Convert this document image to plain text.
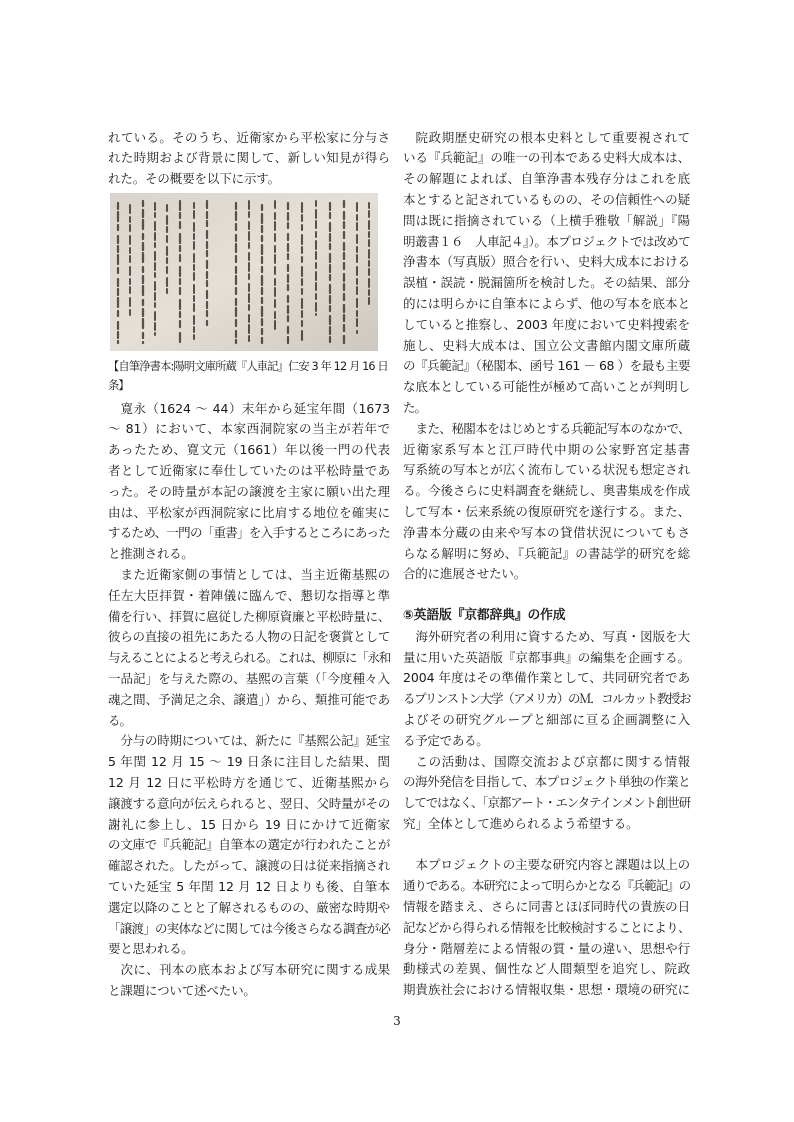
れている。そのうち、近衛家から平松家に分与さ
れた時期および背景に関して、新しい知見が得ら
れた。その概要を以下に示す。
【自筆浄書本:陽明文庫所蔵『人車記』仁安 3 年 12 月 16 日
条】
寛永（1624 ～ 44）末年から延宝年間（1673
～ 81）において、本家西洞院家の当主が若年で
あったため、寛文元（1661）年以後一門の代表
者として近衛家に奉仕していたのは平松時量であ
った。その時量が本記の譲渡を主家に願い出た理
由は、平松家が西洞院家に比肩する地位を確実に
するため、一門の「重書」を入手するところにあった
と推測される。
また近衛家側の事情としては、当主近衛基熙の
任左大臣拝賀・着陣儀に臨んで、懇切な指導と準
備を行い、拝賀に扈従した柳原資廉と平松時量に、
彼らの直接の祖先にあたる人物の日記を褒賞として
与えることによると考えられる。これは、柳原に「永和
一品記」を与えた際の、基熙の言葉（「今度種々入
魂之間、予満足之余、譲遣」）から、類推可能であ
る。
分与の時期については、新たに『基熙公記』延宝
5 年閏 12 月 15 ～ 19 日条に注目した結果、閏
12 月 12 日に平松時方を通じて、近衛基熙から
譲渡する意向が伝えられると、翌日、父時量がその
謝礼に参上し、15 日から 19 日にかけて近衛家
の文庫で『兵範記』自筆本の選定が行われたことが
確認された。したがって、譲渡の日は従来指摘され
ていた延宝 5 年閏 12 月 12 日よりも後、自筆本
選定以降のことと了解されるものの、厳密な時期や
「譲渡」の実体などに関しては今後さらなる調査が必
要と思われる。
次に、刊本の底本および写本研究に関する成果
と課題について述べたい。
院政期歴史研究の根本史料として重要視されて
いる『兵範記』の唯一の刊本である史料大成本は、
その解題によれば、自筆浄書本残存分はこれを底
本とすると記されているものの、その信頼性への疑
問は既に指摘されている（上横手雅敬「解説」『陽
明叢書１６　人車記４』）。本プロジェクトでは改めて
浄書本（写真版）照合を行い、史料大成本における
誤植・誤読・脱漏箇所を検討した。その結果、部分
的には明らかに自筆本によらず、他の写本を底本と
していると推察し、2003 年度において史料捜索を
施し、史料大成本は、国立公文書館内閣文庫所蔵
の『兵範記』（秘閣本、函号 161 － 68 ）を最も主要
な底本としている可能性が極めて高いことが判明し
た。
また、秘閣本をはじめとする兵範記写本のなかで、
近衛家系写本と江戸時代中期の公家野宮定基書
写系統の写本とが広く流布している状況も想定され
る。今後さらに史料調査を継続し、奥書集成を作成
して写本・伝来系統の復原研究を遂行する。また、
浄書本分蔵の由来や写本の貸借状況についてもさ
らなる解明に努め、『兵範記』の書誌学的研究を総
合的に進展させたい。
⑤英語版『京都辞典』の作成
海外研究者の利用に資するため、写真・図版を大
量に用いた英語版『京都事典』の編集を企画する。
2004 年度はその準備作業として、共同研究者であ
るプリンストン大学（アメリカ）のＭ．コルカット教授お
よびその研究グループと細部に亘る企画調整に入
る予定である。
この活動は、国際交流および京都に関する情報
の海外発信を目指して、本プロジェクト単独の作業と
してではなく、「京都アート・エンタテインメント創世研
究」全体として進められるよう希望する。
本プロジェクトの主要な研究内容と課題は以上の
通りである。本研究によって明らかとなる『兵範記』の
情報を踏まえ、さらに同書とほぼ同時代の貴族の日
記などから得られる情報を比較検討することにより、
身分・階層差による情報の質・量の違い、思想や行
動様式の差異、個性など人間類型を追究し、院政
期貴族社会における情報収集・思想・環境の研究に
3
